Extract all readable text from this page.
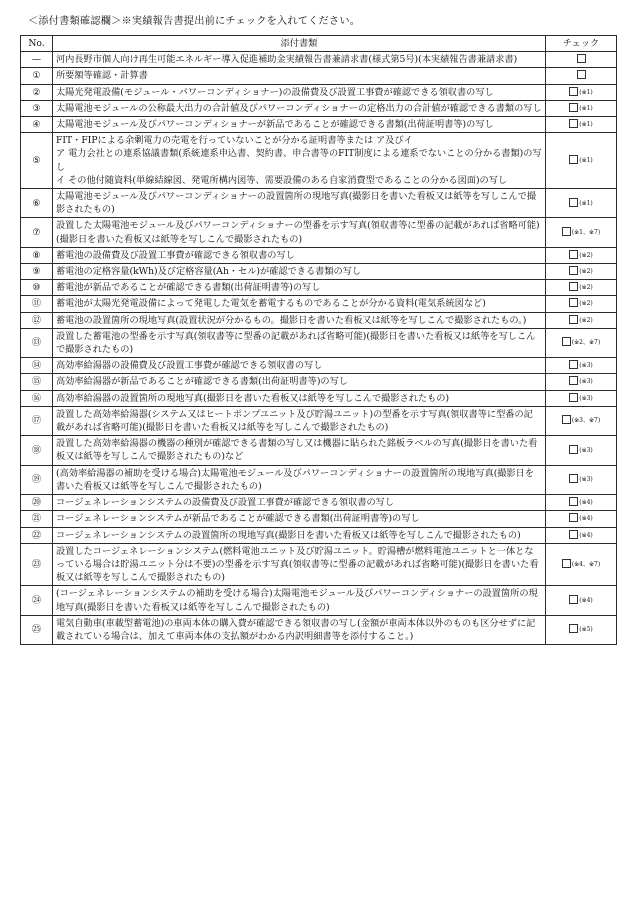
＜添付書類確認欄＞※実績報告書提出前にチェックを入れてください。
No.	添付書類	チェック
—	河内長野市個人向け再生可能エネルギー導入促進補助金実績報告書兼請求書(様式第5号)(本実績報告書兼請求書)	
①	所要額等確認・計算書	
②	太陽光発電設備(モジュール・パワーコンディショナー)の設備費及び設置工事費が確認できる領収書の写し	(※1)
③	太陽電池モジュールの公称最大出力の合計値及びパワーコンディショナーの定格出力の合計値が確認できる書類の写し	(※1)
④	太陽電池モジュール及びパワーコンディショナーが新品であることが確認できる書類(出荷証明書等)の写し	(※1)
⑤	FIT・FIPによる余剰電力の売電を行っていないことが分かる証明書等または ア及びイ
ア 電力会社との連系協議書類(系統連系申込書、契約書、申合書等のFIT制度による連系でないことの分かる書類)の写し
イ その他付随資料(単線結線図、発電所構内図等、需要設備のある自家消費型であることの分かる図面)の写し	(※1)
⑥	太陽電池モジュール及びパワーコンディショナーの設置箇所の現地写真(撮影日を書いた看板又は紙等を写しこんで撮影されたもの)	(※1)
⑦	設置した太陽電池モジュール及びパワーコンディショナーの型番を示す写真(領収書等に型番の記載があれば省略可能)(撮影日を書いた看板又は紙等を写しこんで撮影されたもの)	(※1、※7)
⑧	蓄電池の設備費及び設置工事費が確認できる領収書の写し	(※2)
⑨	蓄電池の定格容量(kWh)及び定格容量(Ah・セル)が確認できる書類の写し	(※2)
⑩	蓄電池が新品であることが確認できる書類(出荷証明書等)の写し	(※2)
⑪	蓄電池が太陽光発電設備によって発電した電気を蓄電するものであることが分かる資料(電気系統図など)	(※2)
⑫	蓄電池の設置箇所の現地写真(設置状況が分かるもの。撮影日を書いた看板又は紙等を写しこんで撮影されたもの。)	(※2)
⑬	設置した蓄電池の型番を示す写真(領収書等に型番の記載があれば省略可能)(撮影日を書いた看板又は紙等を写しこんで撮影されたもの)	(※2、※7)
⑭	高効率給湯器の設備費及び設置工事費が確認できる領収書の写し	(※3)
⑮	高効率給湯器が新品であることが確認できる書類(出荷証明書等)の写し	(※3)
⑯	高効率給湯器の設置箇所の現地写真(撮影日を書いた看板又は紙等を写しこんで撮影されたもの)	(※3)
⑰	設置した高効率給湯器(システム又はヒートポンプユニット及び貯湯ユニット)の型番を示す写真(領収書等に型番の記載があれば省略可能)(撮影日を書いた看板又は紙等を写しこんで撮影されたもの)	(※3、※7)
⑱	設置した高効率給湯器の機器の種別が確認できる書類の写し又は機器に貼られた銘板ラベルの写真(撮影日を書いた看板又は紙等を写しこんで撮影されたもの)など	(※3)
⑲	(高効率給湯器の補助を受ける場合)太陽電池モジュール及びパワーコンディショナーの設置箇所の現地写真(撮影日を書いた看板又は紙等を写しこんで撮影されたもの)	(※3)
⑳	コージェネレーションシステムの設備費及び設置工事費が確認できる領収書の写し	(※4)
㉑	コージェネレーションシステムが新品であることが確認できる書類(出荷証明書等)の写し	(※4)
㉒	コージェネレーションシステムの設置箇所の現地写真(撮影日を書いた看板又は紙等を写しこんで撮影されたもの)	(※4)
㉓	設置したコージェネレーションシステム(燃料電池ユニット及び貯湯ユニット。貯湯槽が燃料電池ユニットと一体となっている場合は貯湯ユニット分は不要)の型番を示す写真(領収書等に型番の記載があれば省略可能)(撮影日を書いた看板又は紙等を写しこんで撮影されたもの)	(※4、※7)
㉔	(コージェネレーションシステムの補助を受ける場合)太陽電池モジュール及びパワーコンディショナーの設置箇所の現地写真(撮影日を書いた看板又は紙等を写しこんで撮影されたもの)	(※4)
㉕	電気自動車(車載型蓄電池)の車両本体の購入費が確認できる領収書の写し(金額が車両本体以外のものも区分せずに記載されている場合は、加えて車両本体の支払額がわかる内訳明細書等を添付すること。)	(※5)
